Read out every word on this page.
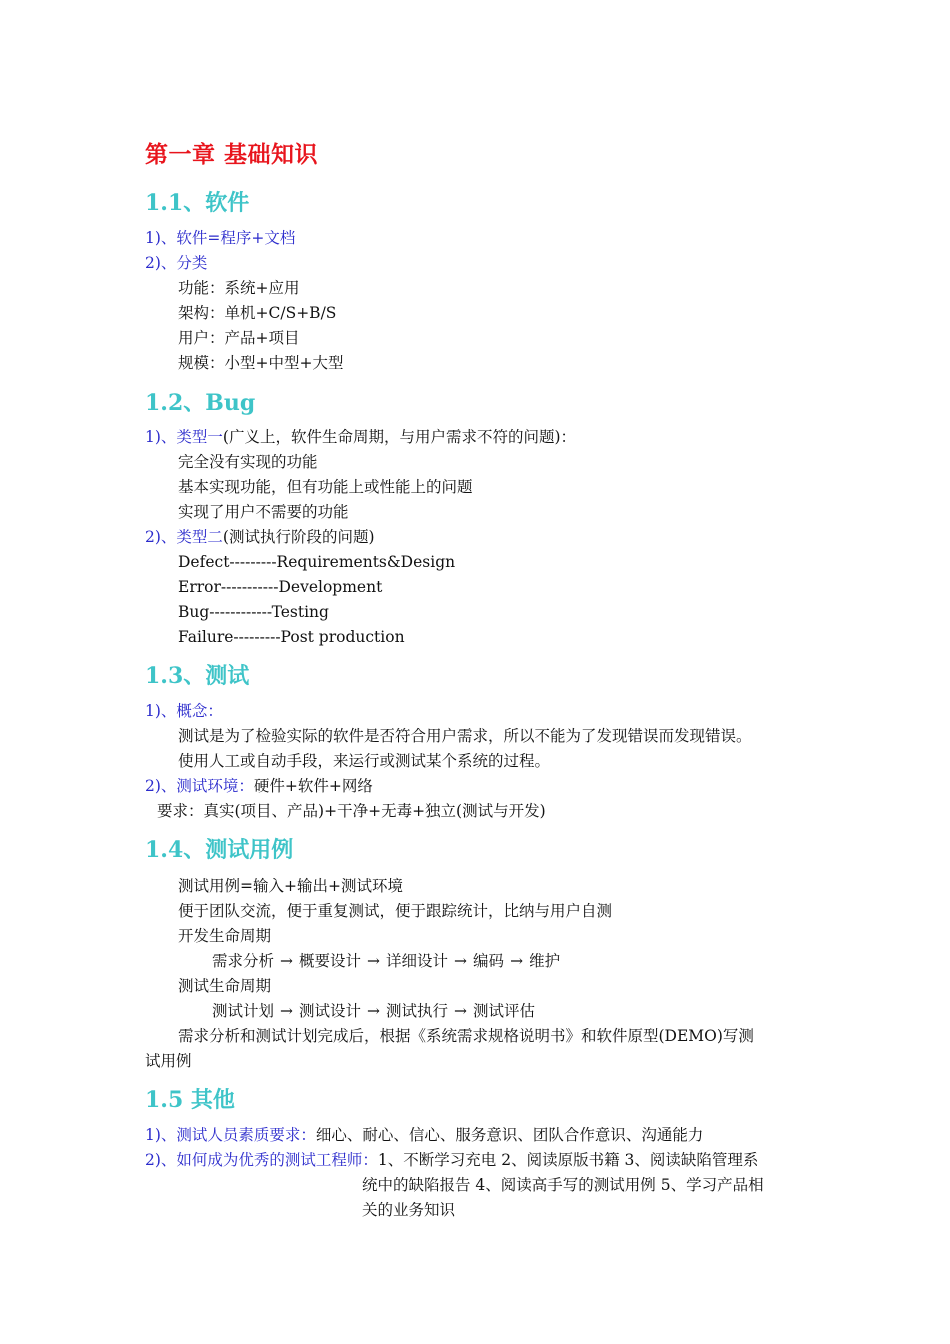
第一章 基础知识
1.1、软件
1)、软件=程序+文档
2)、分类
功能：系统+应用
架构：单机+C/S+B/S
用户：产品+项目
规模：小型+中型+大型
1.2、Bug
1)、类型一(广义上，软件生命周期，与用户需求不符的问题)：
完全没有实现的功能
基本实现功能，但有功能上或性能上的问题
实现了用户不需要的功能
2)、类型二(测试执行阶段的问题)
Defect---------Requirements&Design
Error-----------Development
Bug------------Testing
Failure---------Post production
1.3、测试
1)、概念：
测试是为了检验实际的软件是否符合用户需求，所以不能为了发现错误而发现错误。
使用人工或自动手段，来运行或测试某个系统的过程。
2)、测试环境：硬件+软件+网络
要求：真实(项目、产品)+干净+无毒+独立(测试与开发)
1.4、测试用例
测试用例=输入+输出+测试环境
便于团队交流，便于重复测试，便于跟踪统计，比纳与用户自测
开发生命周期
需求分析 → 概要设计 → 详细设计 → 编码 → 维护
测试生命周期
测试计划 → 测试设计 → 测试执行 → 测试评估
需求分析和测试计划完成后，根据《系统需求规格说明书》和软件原型(DEMO)写测
试用例
1.5 其他
1)、测试人员素质要求：细心、耐心、信心、服务意识、团队合作意识、沟通能力
2)、如何成为优秀的测试工程师：1、不断学习充电 2、阅读原版书籍 3、阅读缺陷管理系
统中的缺陷报告 4、阅读高手写的测试用例 5、学习产品相
关的业务知识
